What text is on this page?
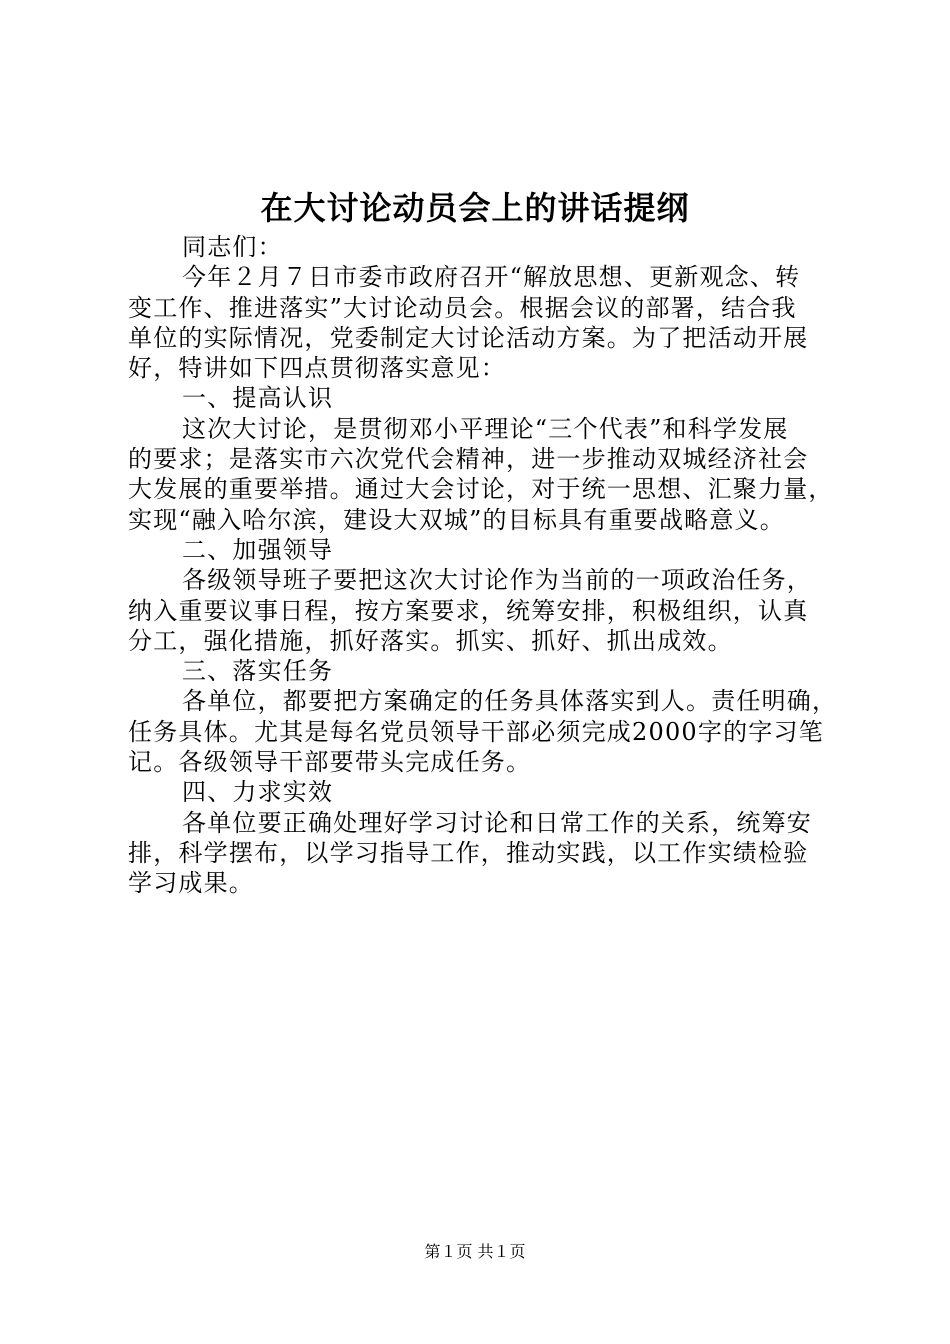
在大讨论动员会上的讲话提纲
同志们：
今年２月７日市委市政府召开“解放思想、更新观念、转
变工作、推进落实”大讨论动员会。根据会议的部署，结合我
单位的实际情况，党委制定大讨论活动方案。为了把活动开展
好，特讲如下四点贯彻落实意见：
一、提高认识
这次大讨论，是贯彻邓小平理论“三个代表”和科学发展
的要求；是落实市六次党代会精神，进一步推动双城经济社会
大发展的重要举措。通过大会讨论，对于统一思想、汇聚力量，
实现“融入哈尔滨，建设大双城”的目标具有重要战略意义。
二、加强领导
各级领导班子要把这次大讨论作为当前的一项政治任务，
纳入重要议事日程，按方案要求，统筹安排，积极组织，认真
分工，强化措施，抓好落实。抓实、抓好、抓出成效。
三、落实任务
各单位，都要把方案确定的任务具体落实到人。责任明确，
任务具体。尤其是每名党员领导干部必须完成2000字的字习笔
记。各级领导干部要带头完成任务。
四、力求实效
各单位要正确处理好学习讨论和日常工作的关系，统筹安
排，科学摆布，以学习指导工作，推动实践，以工作实绩检验
学习成果。
第１页 共１页
